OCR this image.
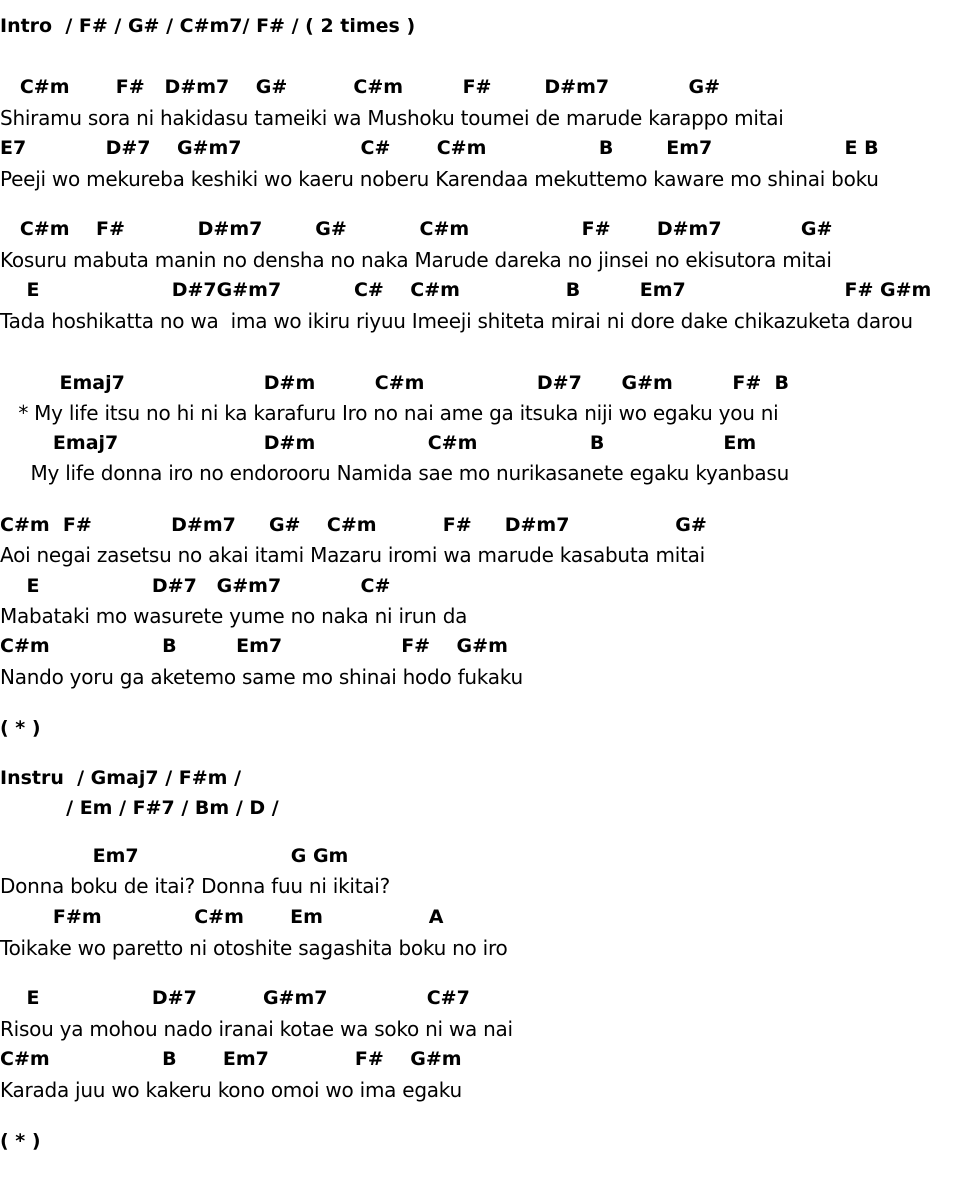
Intro  / F# / G# / C#m7/ F# / ( 2 times )
C#m       F#   D#m7    G#          C#m         F#        D#m7            G#
Shiramu sora ni hakidasu tameiki wa Mushoku toumei de marude karappo mitai
E7            D#7    G#m7                  C#       C#m                 B        Em7                    E B
Peeji wo mekureba keshiki wo kaeru noberu Karendaa mekuttemo kaware mo shinai boku
C#m    F#           D#m7        G#           C#m                 F#       D#m7            G#
Kosuru mabuta manin no densha no naka Marude dareka no jinsei no ekisutora mitai
E                    D#7G#m7           C#    C#m                B         Em7                        F# G#m
Tada hoshikatta no wa  ima wo ikiru riyuu Imeeji shiteta mirai ni dore dake chikazuketa darou
Emaj7                     D#m         C#m                 D#7      G#m         F#  B
* My life itsu no hi ni ka karafuru Iro no nai ame ga itsuka niji wo egaku you ni
Emaj7                      D#m                 C#m                 B                  Em
My life donna iro no endorooru Namida sae mo nurikasanete egaku kyanbasu
C#m  F#            D#m7     G#    C#m          F#     D#m7                G#
Aoi negai zasetsu no akai itami Mazaru iromi wa marude kasabuta mitai
E                 D#7   G#m7            C#
Mabataki mo wasurete yume no naka ni irun da
C#m                 B         Em7                  F#    G#m
Nando yoru ga aketemo same mo shinai hodo fukaku
( * )
Instru  / Gmaj7 / F#m /
/ Em / F#7 / Bm / D /
Em7                       G Gm
Donna boku de itai? Donna fuu ni ikitai?
F#m              C#m       Em                A
Toikake wo paretto ni otoshite sagashita boku no iro
E                 D#7          G#m7               C#7
Risou ya mohou nado iranai kotae wa soko ni wa nai
C#m                 B       Em7             F#    G#m
Karada juu wo kakeru kono omoi wo ima egaku
( * )
